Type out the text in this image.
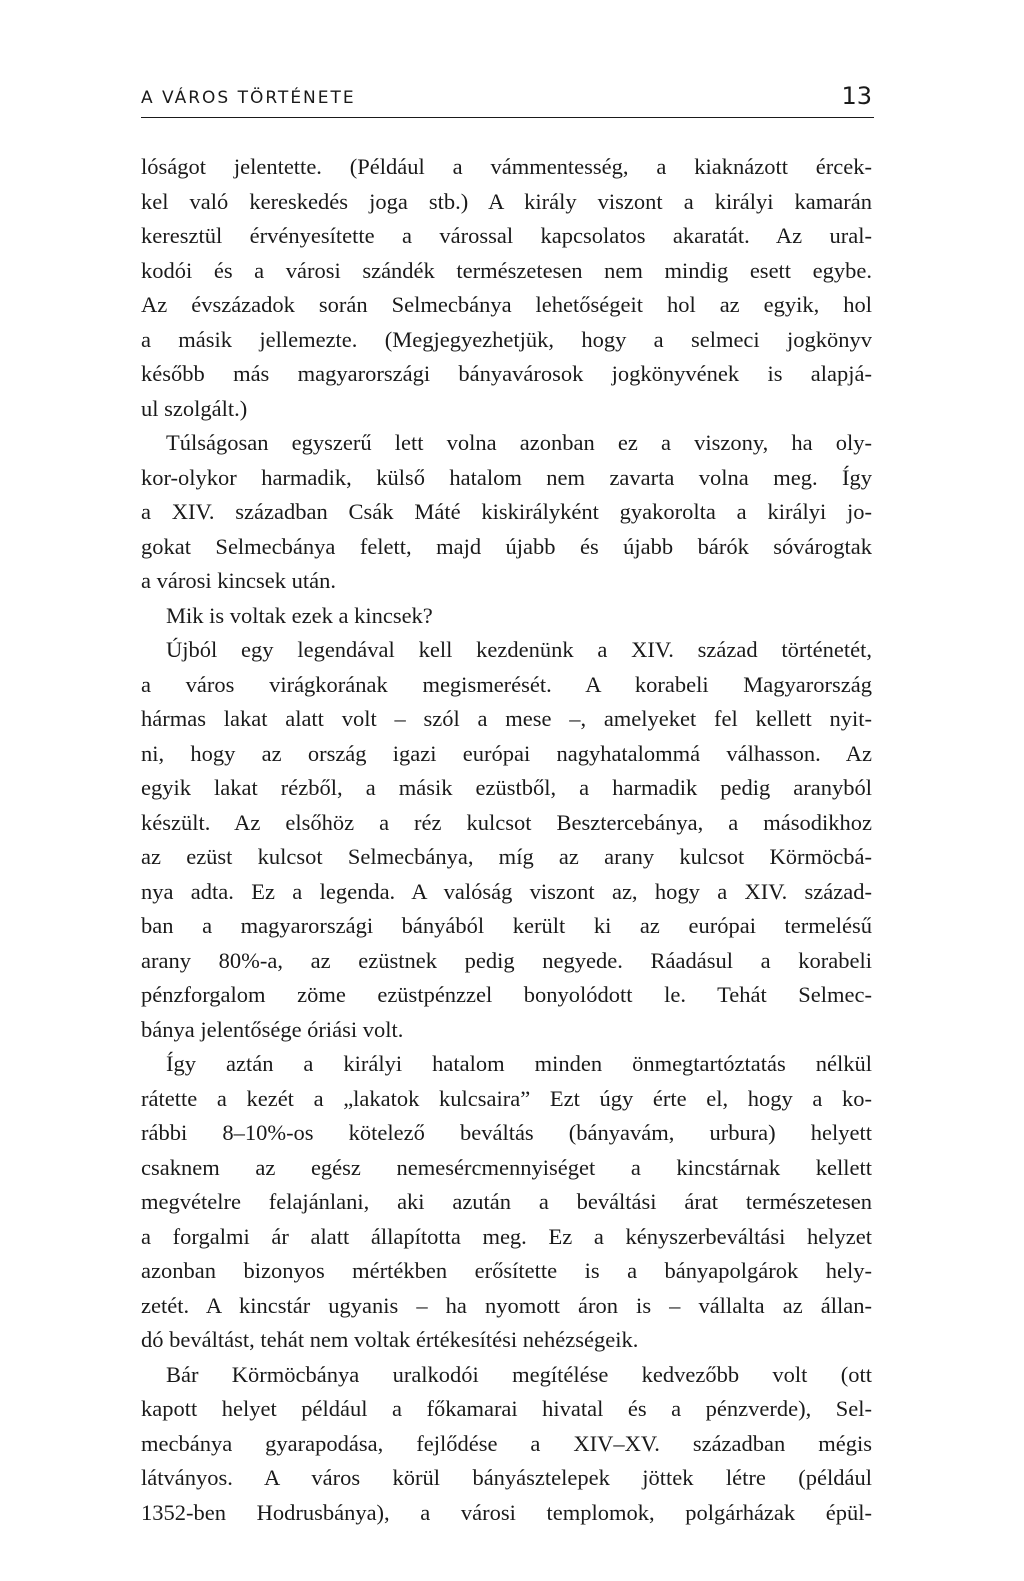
A VÁROS TÖRTÉNETE	13
lóságot jelentette. (Például a vámmentesség, a kiaknázott ércek-
kel való kereskedés joga stb.) A király viszont a királyi kamarán
keresztül érvényesítette a várossal kapcsolatos akaratát. Az ural-
kodói és a városi szándék természetesen nem mindig esett egybe.
Az évszázadok során Selmecbánya lehetőségeit hol az egyik, hol
a másik jellemezte. (Megjegyezhetjük, hogy a selmeci jogkönyv
később más magyarországi bányavárosok jogkönyvének is alapjá-
ul szolgált.)
Túlságosan egyszerű lett volna azonban ez a viszony, ha oly-
kor-olykor harmadik, külső hatalom nem zavarta volna meg. Így
a XIV. században Csák Máté kiskirályként gyakorolta a királyi jo-
gokat Selmecbánya felett, majd újabb és újabb bárók sóvárogtak
a városi kincsek után.
Mik is voltak ezek a kincsek?
Újból egy legendával kell kezdenünk a XIV. század történetét,
a város virágkorának megismerését. A korabeli Magyarország
hármas lakat alatt volt – szól a mese –, amelyeket fel kellett nyit-
ni, hogy az ország igazi európai nagyhatalommá válhasson. Az
egyik lakat rézből, a másik ezüstből, a harmadik pedig aranyból
készült. Az elsőhöz a réz kulcsot Besztercebánya, a másodikhoz
az ezüst kulcsot Selmecbánya, míg az arany kulcsot Körmöcbá-
nya adta. Ez a legenda. A valóság viszont az, hogy a XIV. század-
ban a magyarországi bányából került ki az európai termelésű
arany 80%-a, az ezüstnek pedig negyede. Ráadásul a korabeli
pénzforgalom zöme ezüstpénzzel bonyolódott le. Tehát Selmec-
bánya jelentősége óriási volt.
Így aztán a királyi hatalom minden önmegtartóztatás nélkül
rátette a kezét a „lakatok kulcsaira” Ezt úgy érte el, hogy a ko-
rábbi 8–10%-os kötelező beváltás (bányavám, urbura) helyett
csaknem az egész nemesércmennyiséget a kincstárnak kellett
megvételre felajánlani, aki azután a beváltási árat természetesen
a forgalmi ár alatt állapította meg. Ez a kényszerbeváltási helyzet
azonban bizonyos mértékben erősítette is a bányapolgárok hely-
zetét. A kincstár ugyanis – ha nyomott áron is – vállalta az állan-
dó beváltást, tehát nem voltak értékesítési nehézségeik.
Bár Körmöcbánya uralkodói megítélése kedvezőbb volt (ott
kapott helyet például a főkamarai hivatal és a pénzverde), Sel-
mecbánya gyarapodása, fejlődése a XIV–XV. században mégis
látványos. A város körül bányásztelepek jöttek létre (például
1352-ben Hodrusbánya), a városi templomok, polgárházak épül-
